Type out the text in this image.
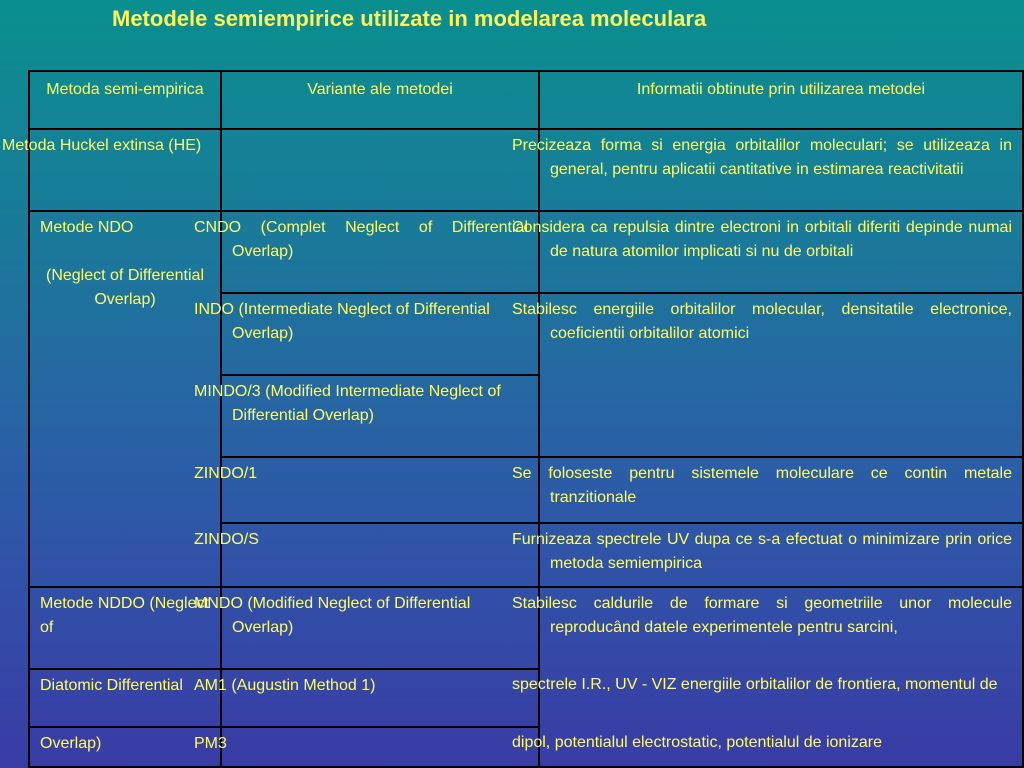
Metodele semiempirice utilizate in modelarea moleculara
Metoda semi-empirica	Variante ale metodei	Informatii obtinute prin utilizarea metodei
Metoda Huckel extinsa (HE)		Precizeaza forma si energia orbitalilor moleculari; se utilizeaza in general, pentru aplicatii cantitative in estimarea reactivitatii

Metode NDO
(Neglect of Differential Overlap)	CNDO (Complet Neglect of Differential Overlap)	Considera ca repulsia dintre electroni in orbitali diferiti depinde numai de natura atomilor implicati si nu de orbitali
	INDO (Intermediate Neglect of Differential Overlap)	Stabilesc energiile orbitalilor molecular, densitatile electronice, coeficientii orbitalilor atomici
	MINDO/3 (Modified Intermediate Neglect of Differential Overlap)	
	ZINDO/1	Se foloseste pentru sistemele moleculare ce contin metale tranzitionale
	ZINDO/S	Furnizeaza spectrele UV dupa ce s-a efectuat o minimizare prin orice metoda semiempirica
Metode NDDO (Neglect of	MNDO (Modified Neglect of Differential Overlap)	Stabilesc caldurile de formare si geometriile unor molecule reproducând datele experimentele pentru sarcini,
Diatomic Differential	AM1 (Augustin Method 1)	spectrele I.R., UV - VIZ energiile orbitalilor de frontiera, momentul de
Overlap)	PM3	dipol, potentialul electrostatic, potentialul de ionizare
